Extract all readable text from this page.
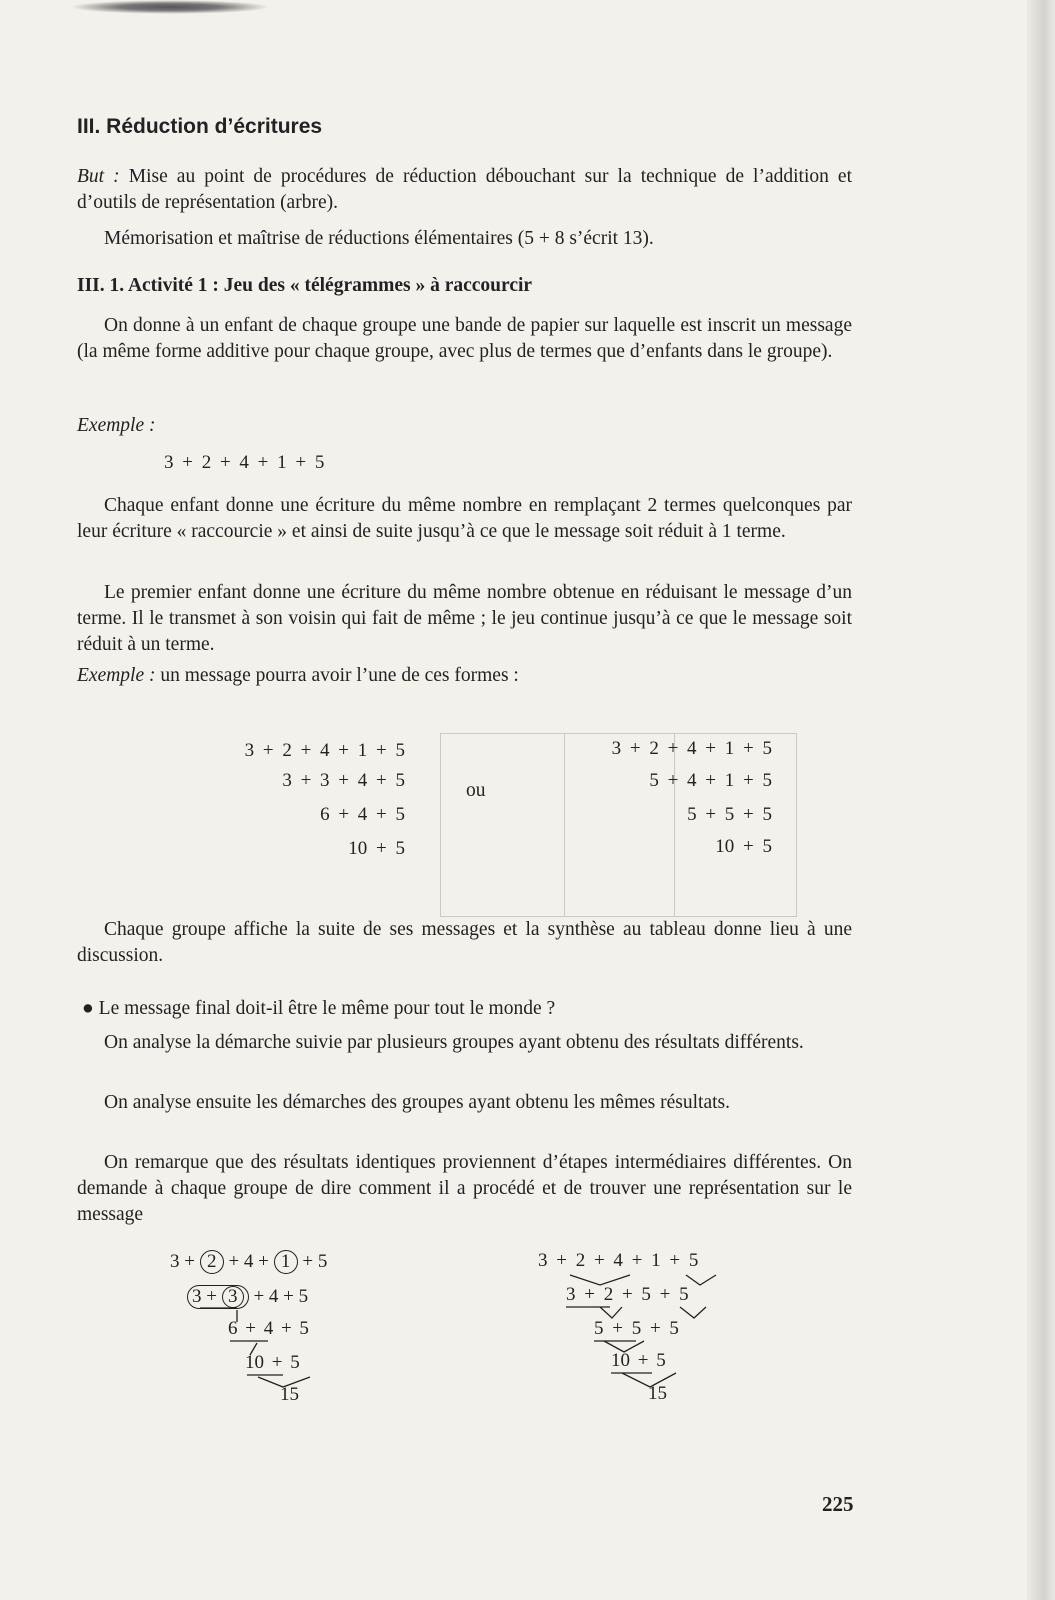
III. Réduction d’écritures
But : Mise au point de procédures de réduction débouchant sur la technique de l’addition et d’outils de représentation (arbre).
Mémorisation et maîtrise de réductions élémentaires (5 + 8 s’écrit 13).
III. 1. Activité 1 : Jeu des « télégrammes » à raccourcir
On donne à un enfant de chaque groupe une bande de papier sur laquelle est inscrit un message (la même forme additive pour chaque groupe, avec plus de termes que d’enfants dans le groupe).
Exemple :
3 + 2 + 4 + 1 + 5
Chaque enfant donne une écriture du même nombre en remplaçant 2 termes quelconques par leur écriture « raccourcie » et ainsi de suite jusqu’à ce que le message soit réduit à 1 terme.
Le premier enfant donne une écriture du même nombre obtenue en réduisant le message d’un terme. Il le transmet à son voisin qui fait de même ; le jeu continue jusqu’à ce que le message soit réduit à un terme.
Exemple : un message pourra avoir l’une de ces formes :
3 + 2 + 4 + 1 + 5
3 + 3 + 4 + 5
6 + 4 + 5
10 + 5
ou
3 + 2 + 4 + 1 + 5
5 + 4 + 1 + 5
5 + 5 + 5
10 + 5
Chaque groupe affiche la suite de ses messages et la synthèse au tableau donne lieu à une discussion.
● Le message final doit-il être le même pour tout le monde ?
On analyse la démarche suivie par plusieurs groupes ayant obtenu des résultats différents.
On analyse ensuite les démarches des groupes ayant obtenu les mêmes résultats.
On remarque que des résultats identiques proviennent d’étapes intermédiaires différentes. On demande à chaque groupe de dire comment il a procédé et de trouver une représentation sur le message
3 + 2 + 4 + 1 + 5
3 + 3 + 4 + 5
6 + 4 + 5
10 + 5
15
3 + 2 + 4 + 1 + 5
3 + 2 + 5 + 5
5 + 5 + 5
10 + 5
15
225
